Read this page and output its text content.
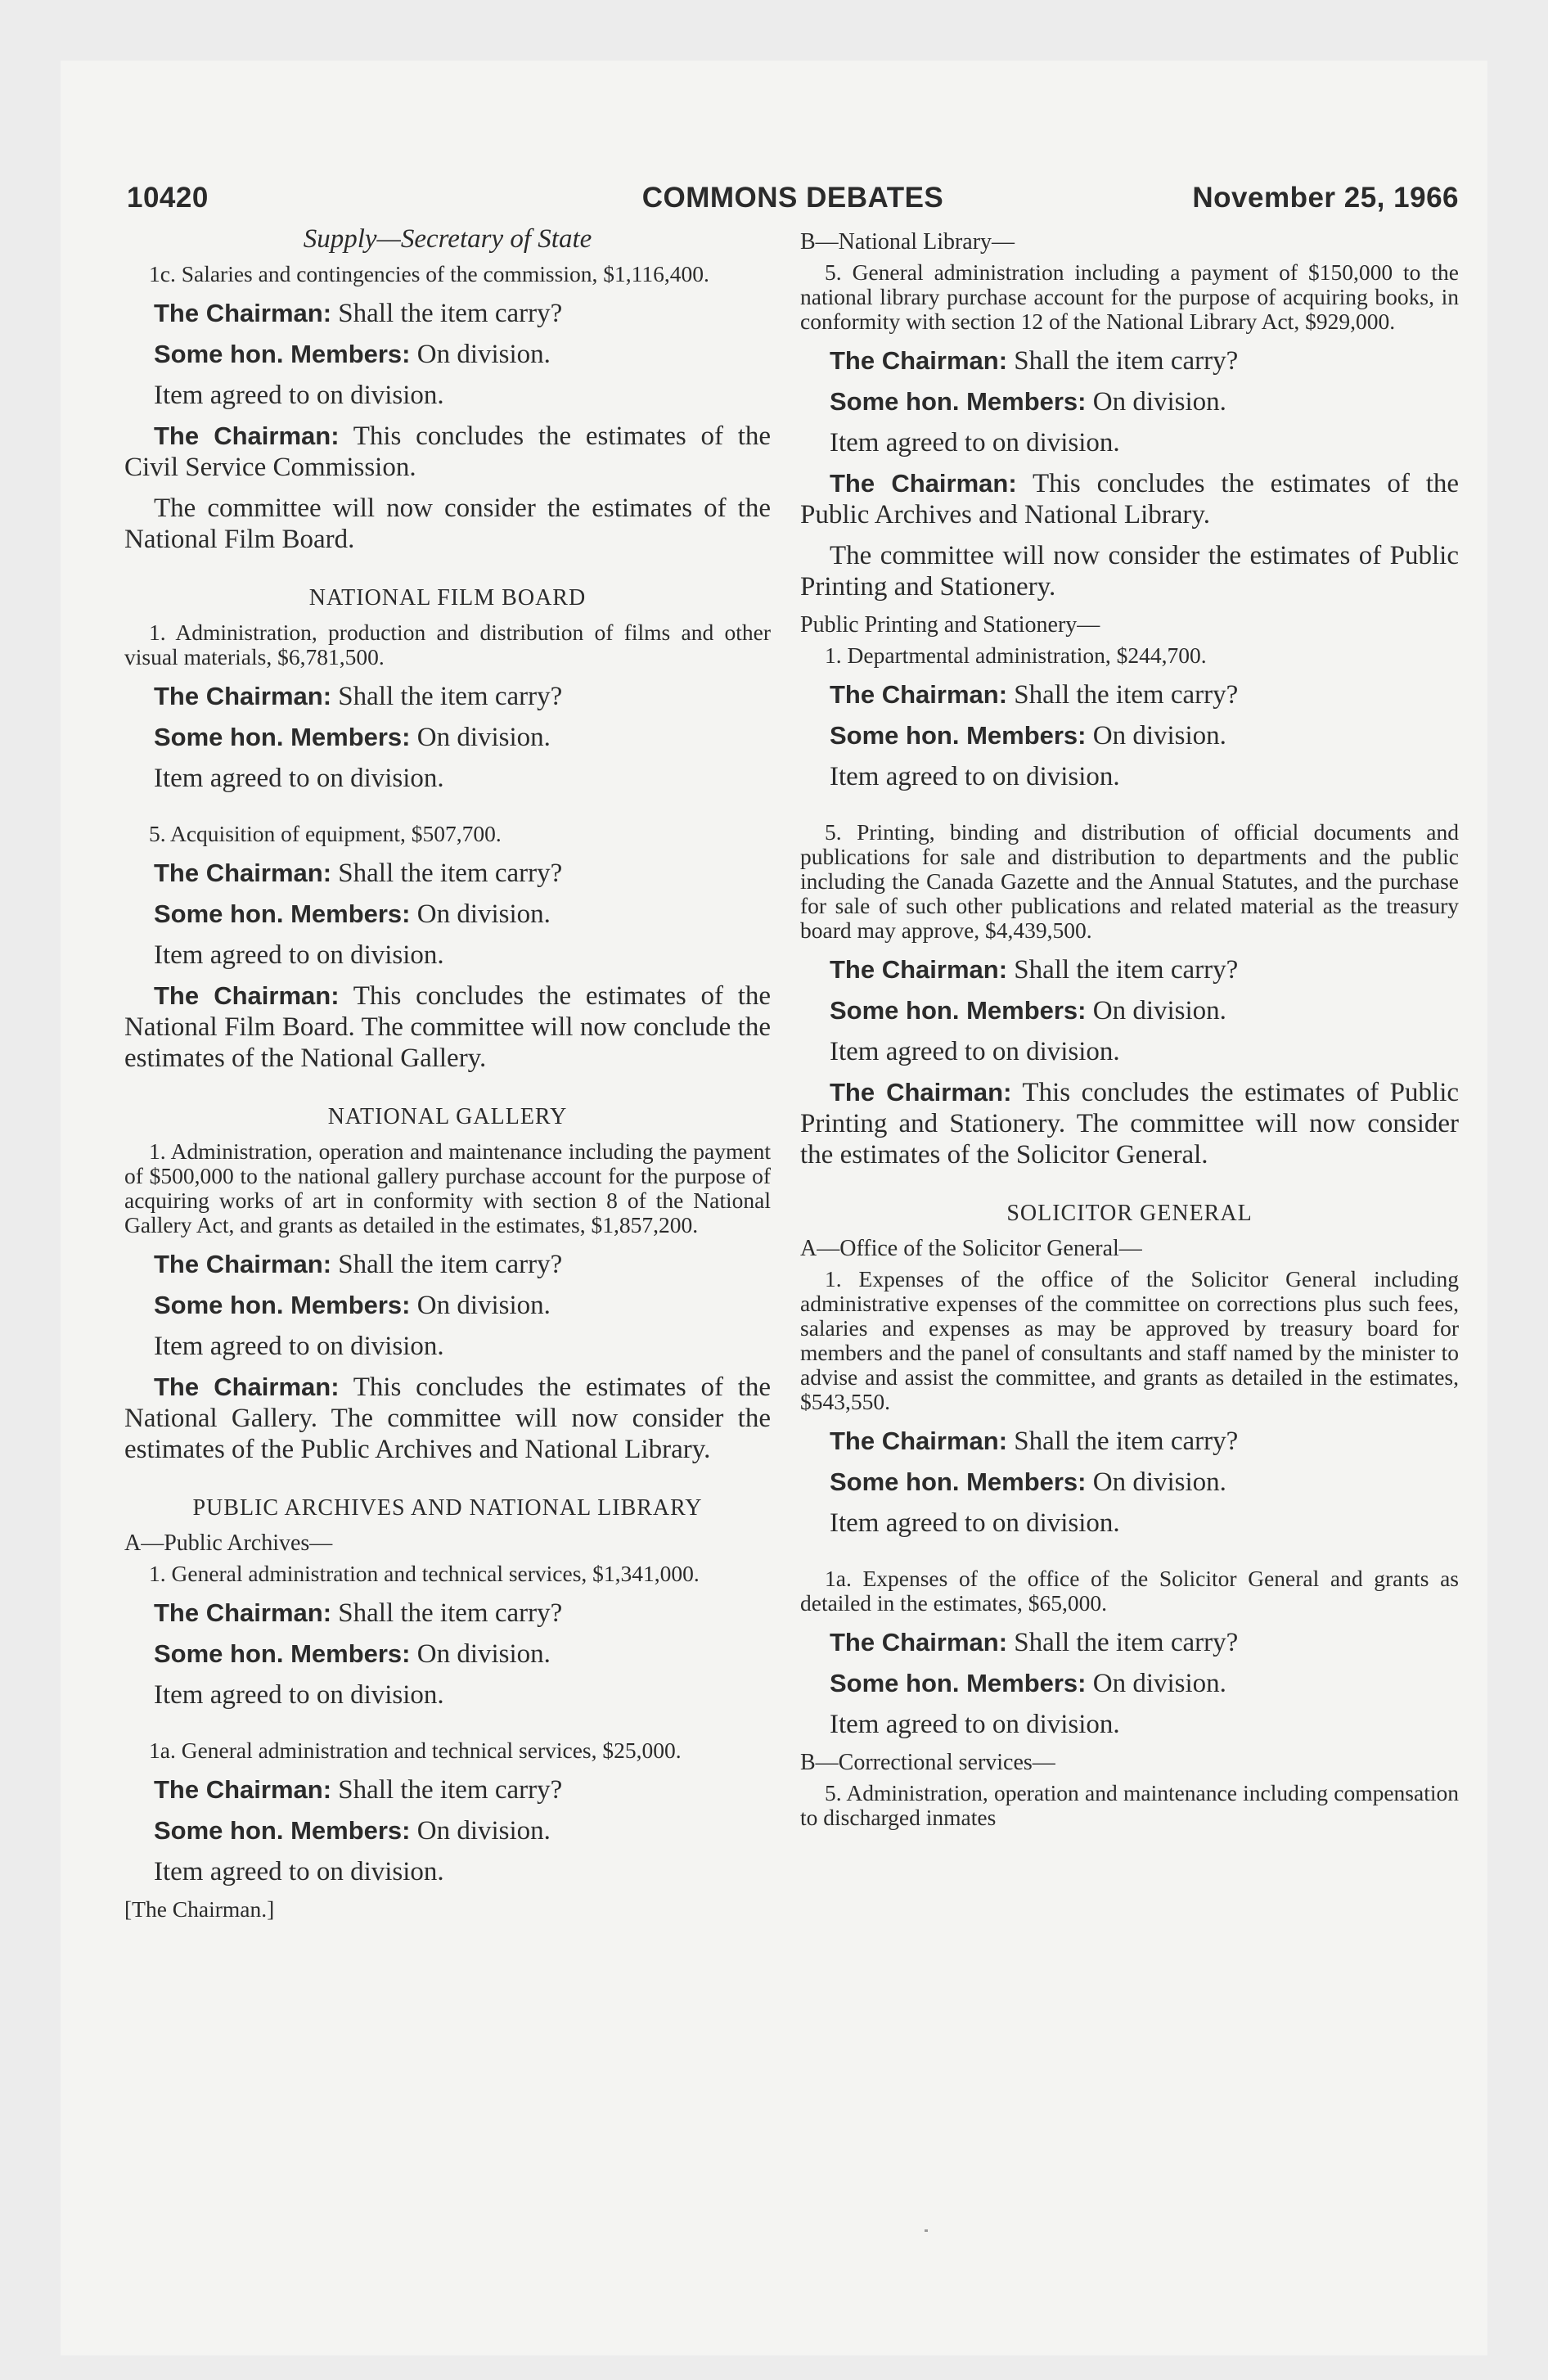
10420	COMMONS DEBATES	November 25, 1966

Supply—Secretary of State

1c. Salaries and contingencies of the commission, $1,116,400.

The Chairman: Shall the item carry?

Some hon. Members: On division.

Item agreed to on division.

The Chairman: This concludes the estimates of the Civil Service Commission.

The committee will now consider the estimates of the National Film Board.

NATIONAL FILM BOARD

1. Administration, production and distribution of films and other visual materials, $6,781,500.

The Chairman: Shall the item carry?

Some hon. Members: On division.

Item agreed to on division.

5. Acquisition of equipment, $507,700.

The Chairman: Shall the item carry?

Some hon. Members: On division.

Item agreed to on division.

The Chairman: This concludes the estimates of the National Film Board. The committee will now conclude the estimates of the National Gallery.

NATIONAL GALLERY

1. Administration, operation and maintenance including the payment of $500,000 to the national gallery purchase account for the purpose of acquiring works of art in conformity with section 8 of the National Gallery Act, and grants as detailed in the estimates, $1,857,200.

The Chairman: Shall the item carry?

Some hon. Members: On division.

Item agreed to on division.

The Chairman: This concludes the estimates of the National Gallery. The committee will now consider the estimates of the Public Archives and National Library.

PUBLIC ARCHIVES AND NATIONAL LIBRARY

A—Public Archives—

1. General administration and technical services, $1,341,000.

The Chairman: Shall the item carry?

Some hon. Members: On division.

Item agreed to on division.

1a. General administration and technical services, $25,000.

The Chairman: Shall the item carry?

Some hon. Members: On division.

Item agreed to on division.

[The Chairman.]

B—National Library—

5. General administration including a payment of $150,000 to the national library purchase account for the purpose of acquiring books, in conformity with section 12 of the National Library Act, $929,000.

The Chairman: Shall the item carry?

Some hon. Members: On division.

Item agreed to on division.

The Chairman: This concludes the estimates of the Public Archives and National Library.

The committee will now consider the estimates of Public Printing and Stationery.

Public Printing and Stationery—

1. Departmental administration, $244,700.

The Chairman: Shall the item carry?

Some hon. Members: On division.

Item agreed to on division.

5. Printing, binding and distribution of official documents and publications for sale and distribution to departments and the public including the Canada Gazette and the Annual Statutes, and the purchase for sale of such other publications and related material as the treasury board may approve, $4,439,500.

The Chairman: Shall the item carry?

Some hon. Members: On division.

Item agreed to on division.

The Chairman: This concludes the estimates of Public Printing and Stationery. The committee will now consider the estimates of the Solicitor General.

SOLICITOR GENERAL

A—Office of the Solicitor General—

1. Expenses of the office of the Solicitor General including administrative expenses of the committee on corrections plus such fees, salaries and expenses as may be approved by treasury board for members and the panel of consultants and staff named by the minister to advise and assist the committee, and grants as detailed in the estimates, $543,550.

The Chairman: Shall the item carry?

Some hon. Members: On division.

Item agreed to on division.

1a. Expenses of the office of the Solicitor General and grants as detailed in the estimates, $65,000.

The Chairman: Shall the item carry?

Some hon. Members: On division.

Item agreed to on division.

B—Correctional services—

5. Administration, operation and maintenance including compensation to discharged inmates
